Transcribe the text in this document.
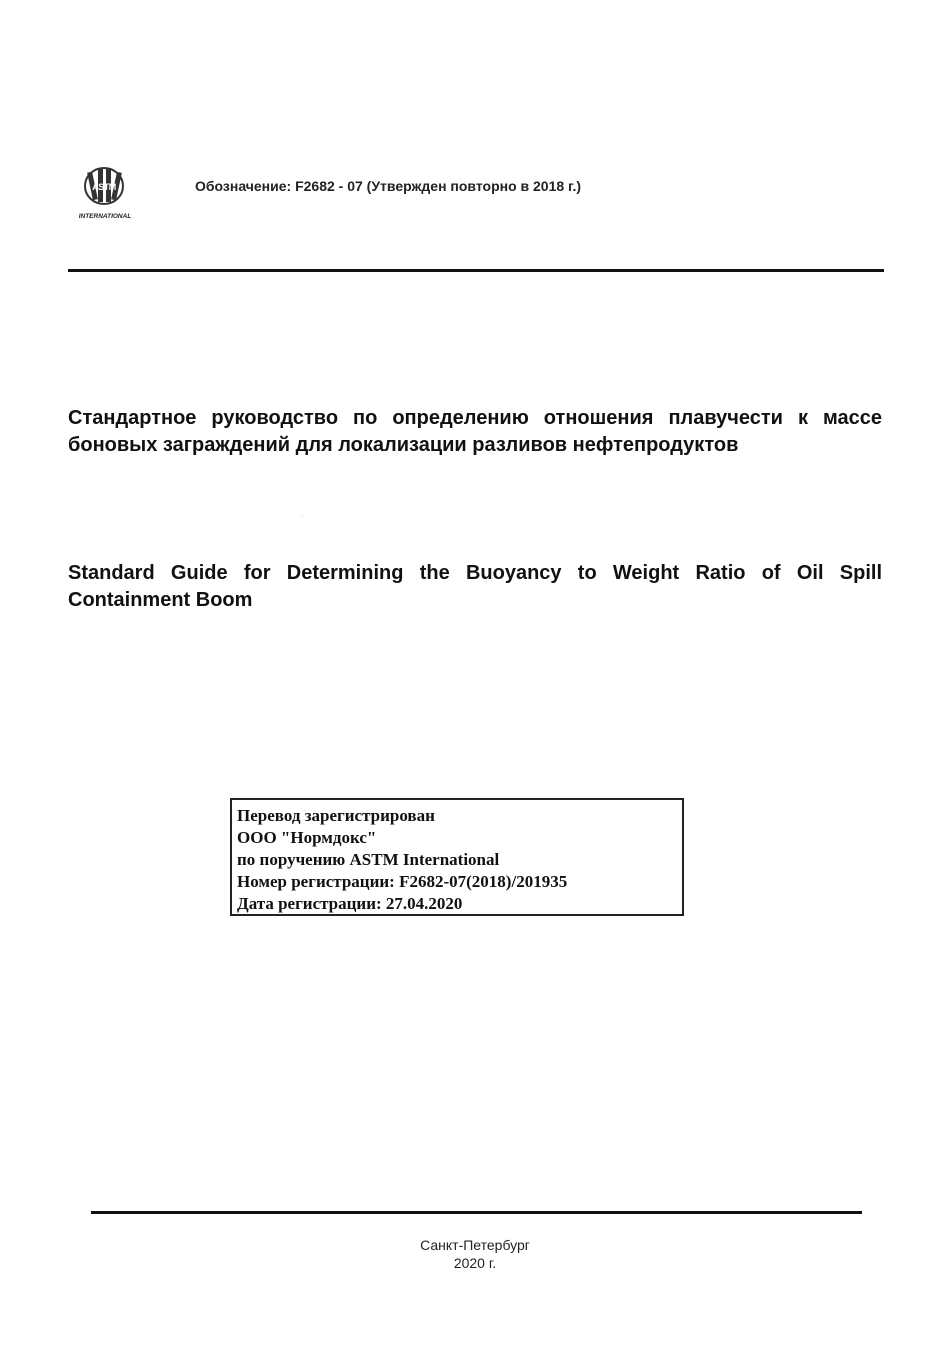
ASTM
INTERNATIONAL
Обозначение: F2682 - 07 (Утвержден повторно в 2018 г.)
Стандартное руководство по определению отношения плавучести к массе боновых заграждений для локализации разливов нефтепродуктов
-
Standard Guide for Determining the Buoyancy to Weight Ratio of Oil Spill Containment Boom
Перевод зарегистрирован
ООО "Нормдокс"
по поручению ASTM International
Номер регистрации: F2682-07(2018)/201935
Дата регистрации: 27.04.2020
Санкт-Петербург
2020 г.
